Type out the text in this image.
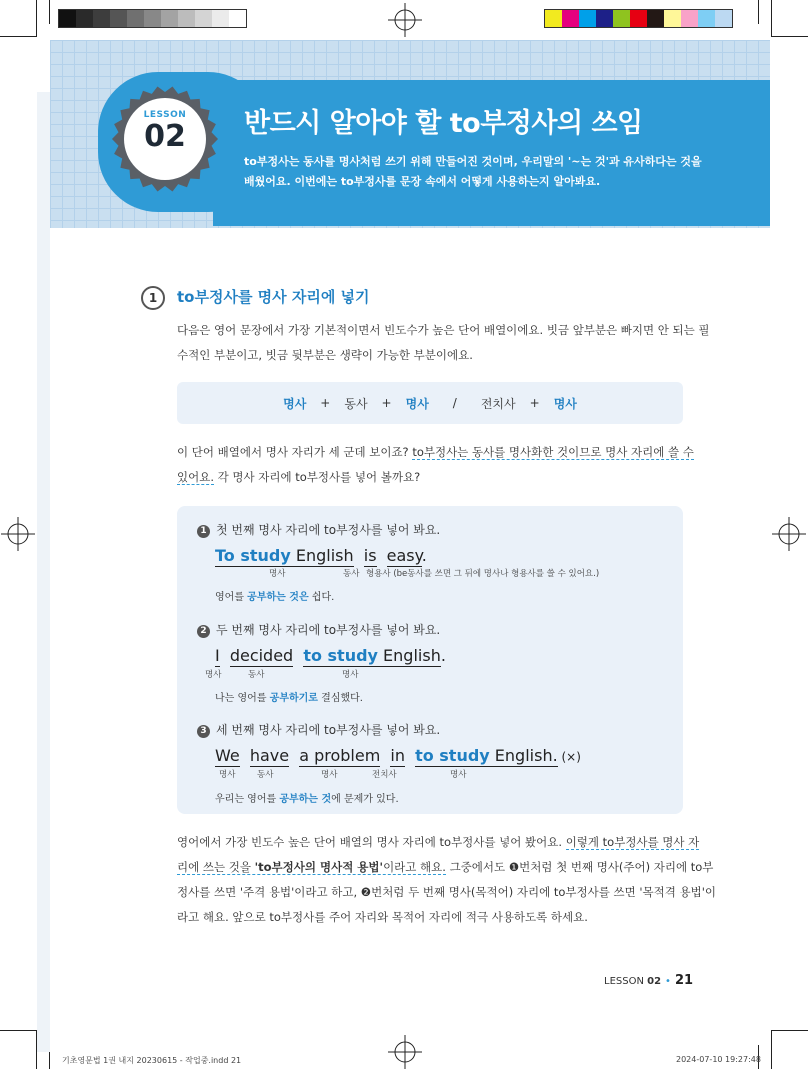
LESSON
02	반드시 알아야 할 to부정사의 쓰임

to부정사는 동사를 명사처럼 쓰기 위해 만들어진 것이며, 우리말의 '~는 것'과 유사하다는 것을

배웠어요. 이번에는 to부정사를 문장 속에서 어떻게 사용하는지 알아봐요.

1	to부정사를 명사 자리에 넣기

다음은 영어 문장에서 가장 기본적이면서 빈도수가 높은 단어 배열이에요. 빗금 앞부분은 빠지면 안 되는 필

수적인 부분이고, 빗금 뒷부분은 생략이 가능한 부분이에요.

명사 + 동사 + 명사 / 전치사 + 명사

이 단어 배열에서 명사 자리가 세 군데 보이죠? to부정사는 동사를 명사화한 것이므로 명사 자리에 쓸 수

있어요. 각 명사 자리에 to부정사를 넣어 볼까요?

1 첫 번째 명사 자리에 to부정사를 넣어 봐요.
To study English is easy.
명사	동사 형용사 (be동사를 쓰면 그 뒤에 명사나 형용사를 쓸 수 있어요.)
영어를 공부하는 것은 쉽다.
2 두 번째 명사 자리에 to부정사를 넣어 봐요.
I decided to study English.
명사	동사	명사
나는 영어를 공부하기로 결심했다.
3 세 번째 명사 자리에 to부정사를 넣어 봐요.
We have a problem in to study English. (×)
명사	동사	명사	전치사	명사
우리는 영어를 공부하는 것에 문제가 있다.

영어에서 가장 빈도수 높은 단어 배열의 명사 자리에 to부정사를 넣어 봤어요. 이렇게 to부정사를 명사 자

리에 쓰는 것을 'to부정사의 명사적 용법'이라고 해요. 그중에서도 ❶번처럼 첫 번째 명사(주어) 자리에 to부

정사를 쓰면 '주격 용법'이라고 하고, ❷번처럼 두 번째 명사(목적어) 자리에 to부정사를 쓰면 '목적격 용법'이

라고 해요. 앞으로 to부정사를 주어 자리와 목적어 자리에 적극 사용하도록 하세요.

LESSON 02 • 21
기초영문법 1권 내지 20230615 - 작업중.indd 21	2024-07-10 19:27:48
